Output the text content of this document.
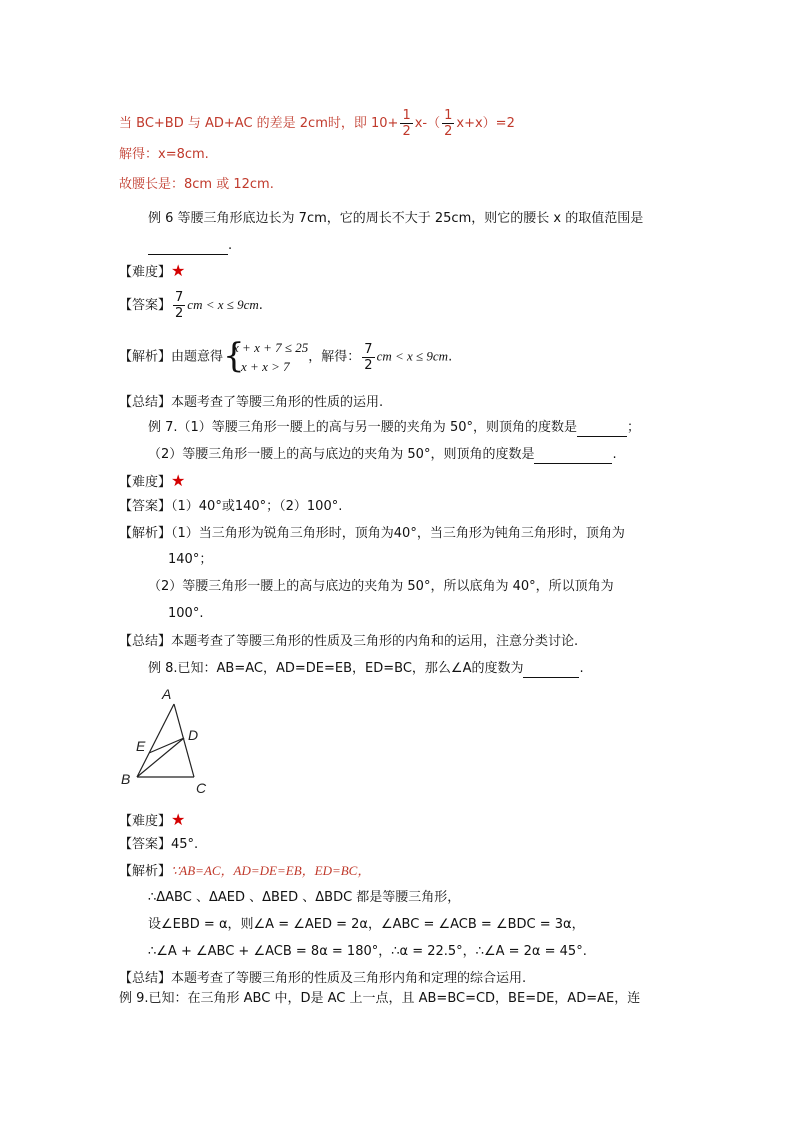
当 BC+BD 与 AD+AC 的差是 2cm时，即 $10+ \frac{1}{2} x-( \frac{1}{2} x+x)=2$
解得：x=8cm.
故腰长是：8cm 或 12cm.
例 6 等腰三角形底边长为 7cm，它的周长不大于 25cm，则它的腰长 x 的取值范围是
.
【难度】★
【答案】 $\frac{7}{2}$ cm < x ≤ 9cm.
【解析】由题意得 {
x + x + 7 ≤ 25
x + x > 7
，解得： $\frac{7}{2}$ cm < x ≤ 9cm.
【总结】本题考查了等腰三角形的性质的运用.
例 7.（1）等腰三角形一腰上的高与另一腰的夹角为 50°，则顶角的度数是	；
（2）等腰三角形一腰上的高与底边的夹角为 50°，则顶角的度数是	.
【难度】★
【答案】（1）40°或140°；（2）100°.
【解析】（1）当三角形为锐角三角形时，顶角为40°，当三角形为钝角三角形时，顶角为
140°；
（2）等腰三角形一腰上的高与底边的夹角为 50°，所以底角为 40°，所以顶角为
100°.
【总结】本题考查了等腰三角形的性质及三角形的内角和的运用，注意分类讨论.
例 8.已知：AB=AC，AD=DE=EB，ED=BC，那么∠A的度数为	.
A
B
C
D
E
【难度】★
【答案】45°.
【解析】∵AB=AC，AD=DE=EB，ED=BC，
∴ΔABC 、ΔAED 、ΔBED 、ΔBDC 都是等腰三角形，
设∠EBD = α，则∠A = ∠AED = 2α，∠ABC = ∠ACB = ∠BDC = 3α，
∴∠A + ∠ABC + ∠ACB = 8α = 180°，∴α = 22.5°，∴∠A = 2α = 45°.
【总结】本题考查了等腰三角形的性质及三角形内角和定理的综合运用.
例 9.已知：在三角形 ABC 中，D是 AC 上一点，且 AB=BC=CD，BE=DE，AD=AE，连
